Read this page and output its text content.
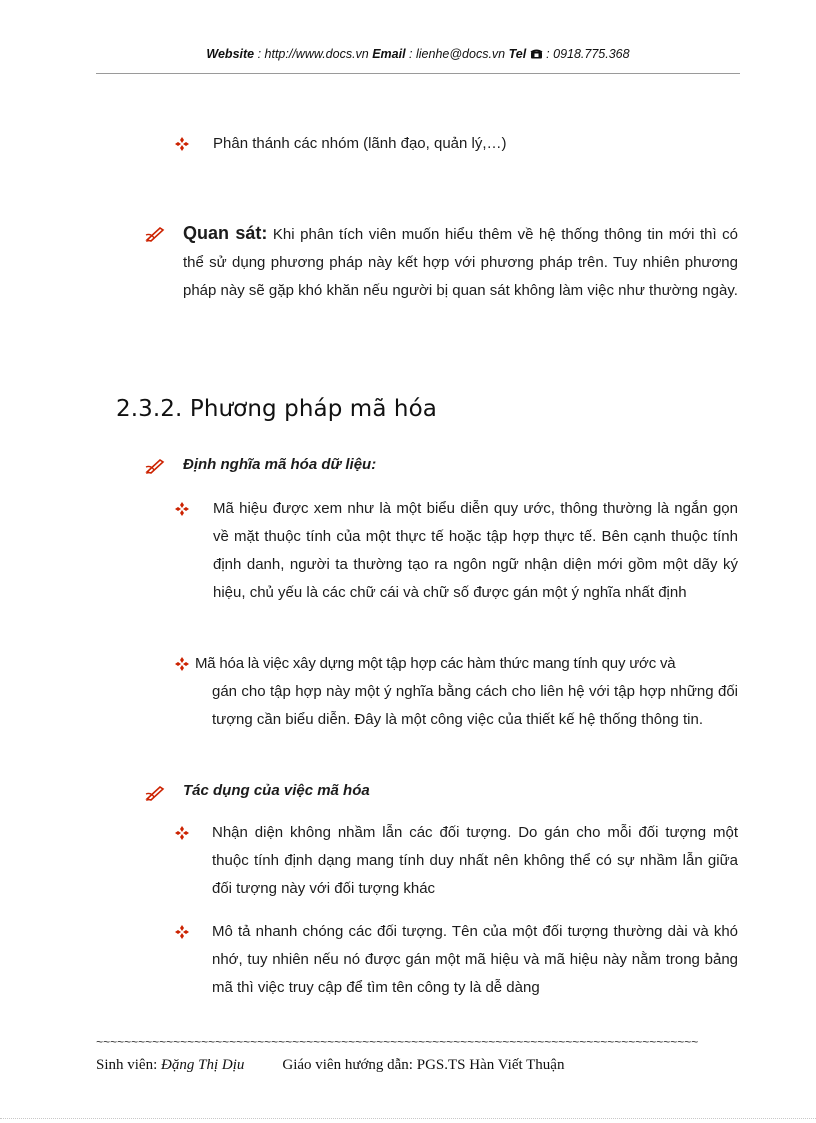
Website : http://www.docs.vn Email : lienhe@docs.vn Tel  : 0918.775.368
Phân thánh các nhóm (lãnh đạo, quản lý,…)
Quan sát: Khi phân tích viên muốn hiểu thêm về hệ thống thông tin mới thì có thể sử dụng phương pháp này kết hợp với phương pháp trên. Tuy nhiên phương pháp này sẽ gặp khó khăn nếu người bị quan sát không làm việc như thường ngày.
2.3.2. Phương pháp mã hóa
Định nghĩa mã hóa dữ liệu:
Mã hiệu được xem như là một biểu diễn quy ước, thông thường là ngắn gọn về mặt thuộc tính của một thực tế hoặc tập hợp thực tế. Bên cạnh thuộc tính định danh, người ta thường tạo ra ngôn ngữ nhận diện mới gồm một dãy ký hiệu, chủ yếu là các chữ cái và chữ số được gán một ý nghĩa nhất định
Mã hóa là việc xây dựng một tập hợp các hàm thức mang tính quy ước và
gán cho tập hợp này một ý nghĩa bằng cách cho liên hệ với tập hợp những đối tượng cần biểu diễn. Đây là một công việc của thiết kế hệ thống thông tin.
Tác dụng của việc mã hóa
Nhận diện không nhầm lẫn các đối tượng. Do gán cho mỗi đối tượng một thuộc tính định dạng mang tính duy nhất nên không thể có sự nhầm lẫn giữa đối tượng này với đối tượng khác
Mô tả nhanh chóng các đối tượng. Tên của một đối tượng thường dài và khó nhớ, tuy nhiên nếu nó được gán một mã hiệu và mã hiệu này nằm trong bảng mã thì việc truy cập để tìm tên công ty là dễ dàng
~~~~~~~~~~~~~~~~~~~~~~~~~~~~~~~~~~~~~~~~~~~~~~~~~~~~~~~~~~~~~~~~~~~~~~~~~~~~~~~~~~~~~~
Sinh viên: Đặng Thị Dịu	Giáo viên hướng dẫn: PGS.TS Hàn Viết Thuận
